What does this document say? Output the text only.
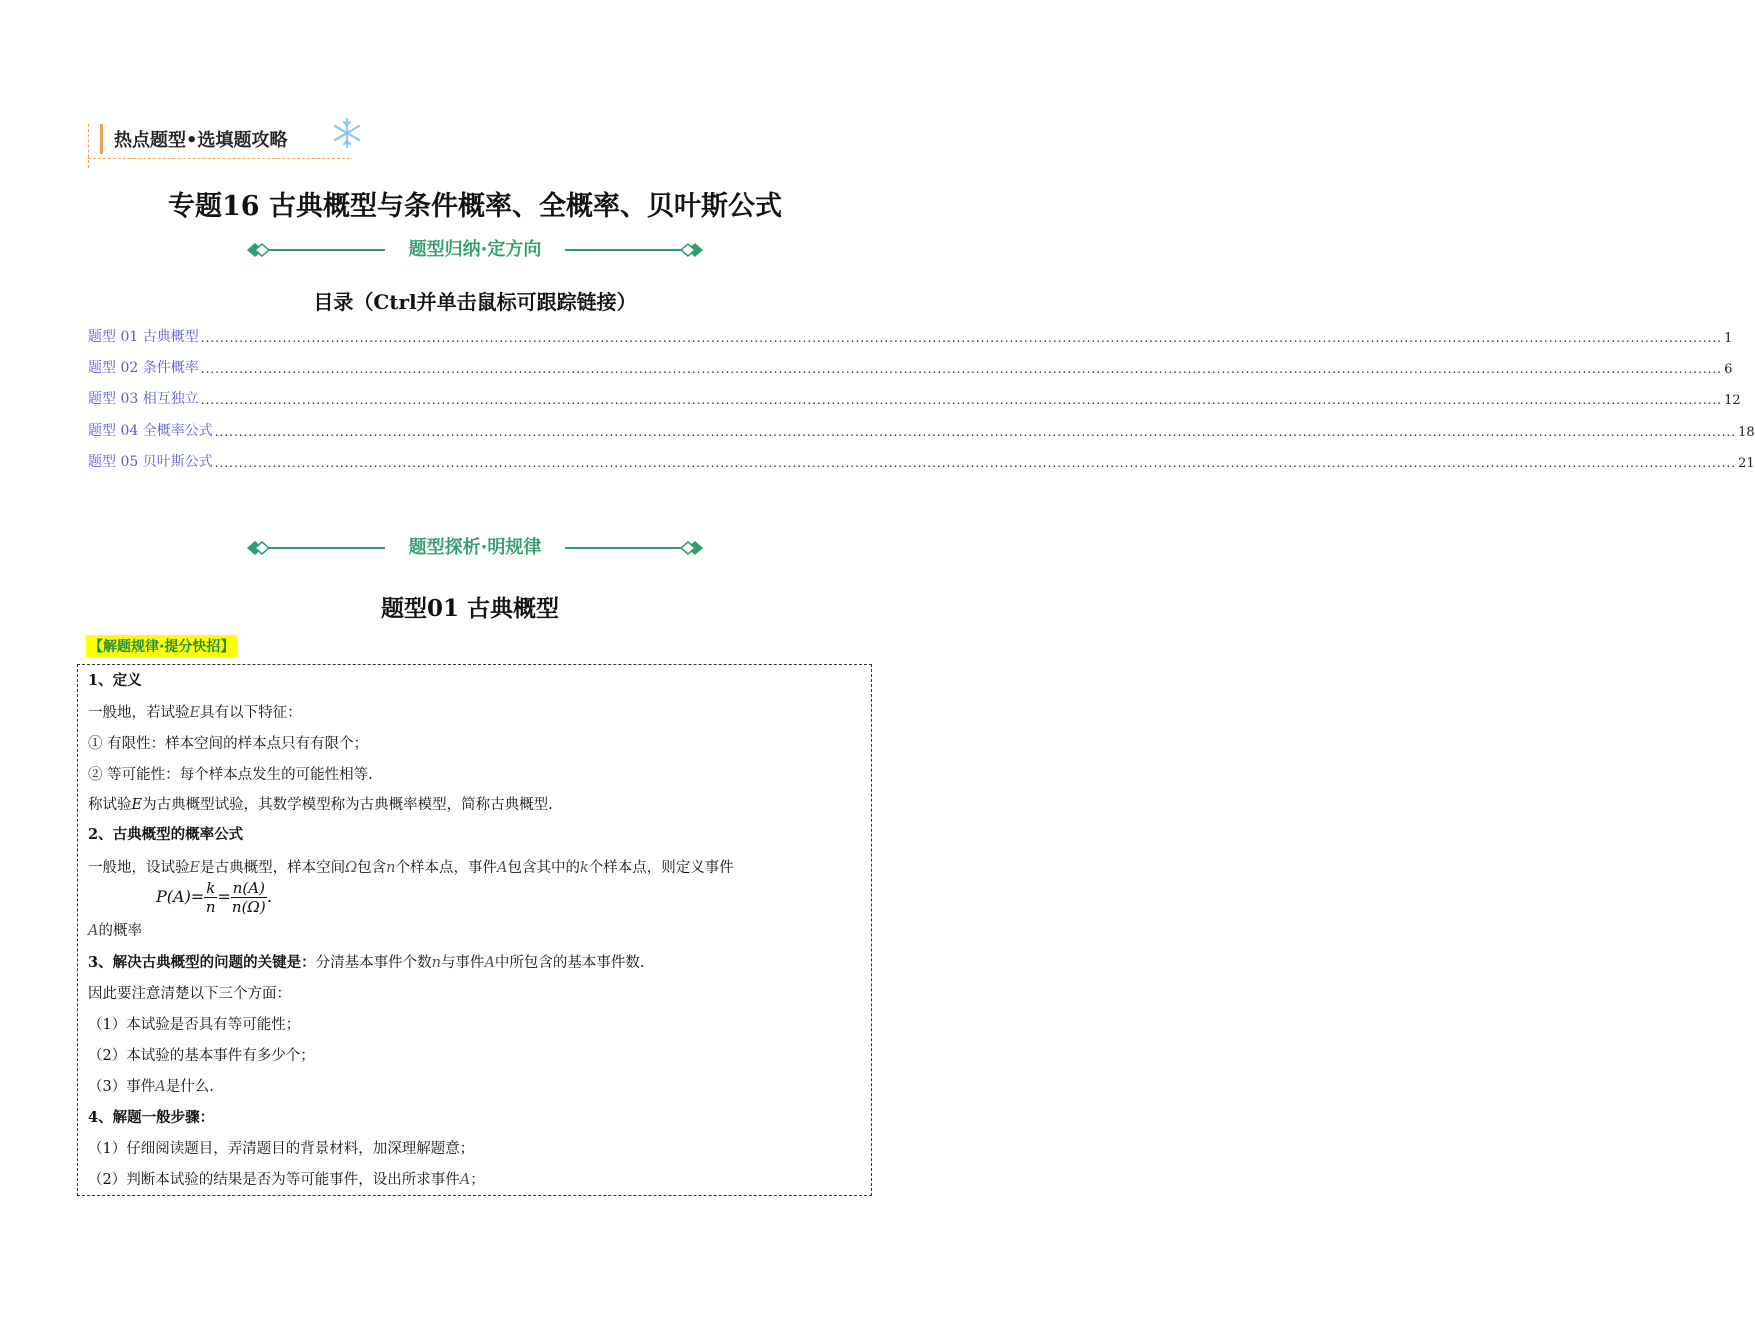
热点题型•选填题攻略
专题16 古典概型与条件概率、全概率、贝叶斯公式
题型归纳·定方向
目录（Ctrl并单击鼠标可跟踪链接）
题型 01 古典概型 ............................................................................................................................................................................................................................................................................................................................ 1
题型 02 条件概率 ............................................................................................................................................................................................................................................................................................................................ 6
题型 03 相互独立 ............................................................................................................................................................................................................................................................................................................................ 12
题型 04 全概率公式 ............................................................................................................................................................................................................................................................................................................................ 18
题型 05 贝叶斯公式 ............................................................................................................................................................................................................................................................................................................................ 21
题型探析·明规律
题型01 古典概型
【解题规律·提分快招】
1、定义
一般地，若试验E具有以下特征：
① 有限性：样本空间的样本点只有有限个；
② 等可能性：每个样本点发生的可能性相等.
称试验E为古典概型试验，其数学模型称为古典概率模型，简称古典概型.
2、古典概型的概率公式
一般地，设试验E是古典概型，样本空间Ω包含n个样本点，事件A包含其中的k个样本点，则定义事件
$P(A)= \frac{k}{n} = \frac{n(A)}{n(\Omega)}$ .
A的概率
3、解决古典概型的问题的关键是：分清基本事件个数n与事件A中所包含的基本事件数.
因此要注意清楚以下三个方面：
（1）本试验是否具有等可能性；
（2）本试验的基本事件有多少个；
（3）事件A是什么.
4、解题一般步骤：
（1）仔细阅读题目，弄清题目的背景材料，加深理解题意；
（2）判断本试验的结果是否为等可能事件，设出所求事件A；
